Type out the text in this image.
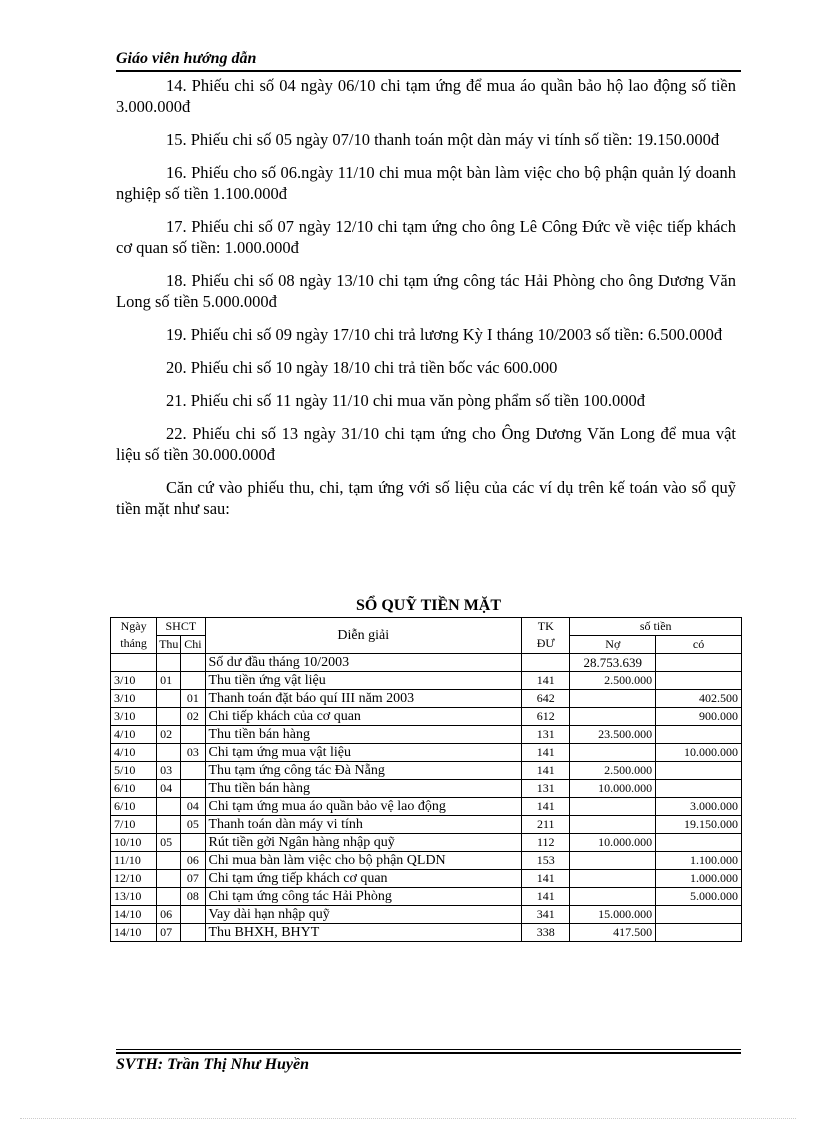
Giáo viên hướng dẫn

14. Phiếu chi số 04 ngày 06/10 chi tạm ứng để mua áo quần bảo hộ lao động số tiền 3.000.000đ

15. Phiếu chi số 05 ngày 07/10 thanh toán một dàn máy vi tính số tiền: 19.150.000đ

16. Phiếu cho số 06.ngày 11/10 chi mua một bàn làm việc cho bộ phận quản lý doanh nghiệp số tiền 1.100.000đ

17. Phiếu chi số 07 ngày 12/10 chi tạm ứng cho ông Lê Công Đức về việc tiếp khách cơ quan số tiền: 1.000.000đ

18. Phiếu chi số 08 ngày 13/10 chi tạm ứng công tác Hải Phòng cho ông Dương Văn Long số tiền 5.000.000đ

19. Phiếu chi số 09 ngày 17/10 chi trả lương Kỳ I tháng 10/2003 số tiền: 6.500.000đ

20. Phiếu chi số 10 ngày 18/10 chi trả tiền bốc vác 600.000

21. Phiếu chi số 11 ngày 11/10 chi mua văn pòng phẩm số tiền 100.000đ

22. Phiếu chi số 13 ngày 31/10 chi tạm ứng cho Ông Dương Văn Long để mua vật liệu số tiền 30.000.000đ

Căn cứ vào phiếu thu, chi, tạm ứng với số liệu của các ví dụ trên kế toán vào sổ quỹ tiền mặt như sau:

SỔ QUỸ TIỀN MẶT
Ngày
tháng	SHCT		Diễn giải	TK
ĐƯ	số tiền	
	Thu	Chi			Nợ	có
			Số dư đầu tháng 10/2003		28.753.639	
3/10	01		Thu tiền ứng vật liệu	141	2.500.000	
3/10		01	Thanh toán đặt báo quí III năm 2003	642		402.500
3/10		02	Chi tiếp khách của cơ quan	612		900.000
4/10	02		Thu tiền bán hàng	131	23.500.000	
4/10		03	Chi tạm ứng mua vật liệu	141		10.000.000
5/10	03		Thu tạm ứng công tác Đà Nẵng	141	2.500.000	
6/10	04		Thu tiền bán hàng	131	10.000.000	
6/10		04	Chi tạm ứng mua áo quần bảo vệ lao động	141		3.000.000
7/10		05	Thanh toán dàn máy vi tính	211		19.150.000
10/10	05		Rút tiền gởi Ngân hàng nhập quỹ	112	10.000.000	
11/10		06	Chi mua bàn làm việc cho bộ phận QLDN	153		1.100.000
12/10		07	Chi tạm ứng tiếp khách cơ quan	141		1.000.000
13/10		08	Chi tạm ứng công tác Hải Phòng	141		5.000.000
14/10	06		Vay dài hạn nhập quỹ	341	15.000.000	
14/10	07		Thu BHXH, BHYT	338	417.500	
SVTH: Trần Thị Như Huyền
